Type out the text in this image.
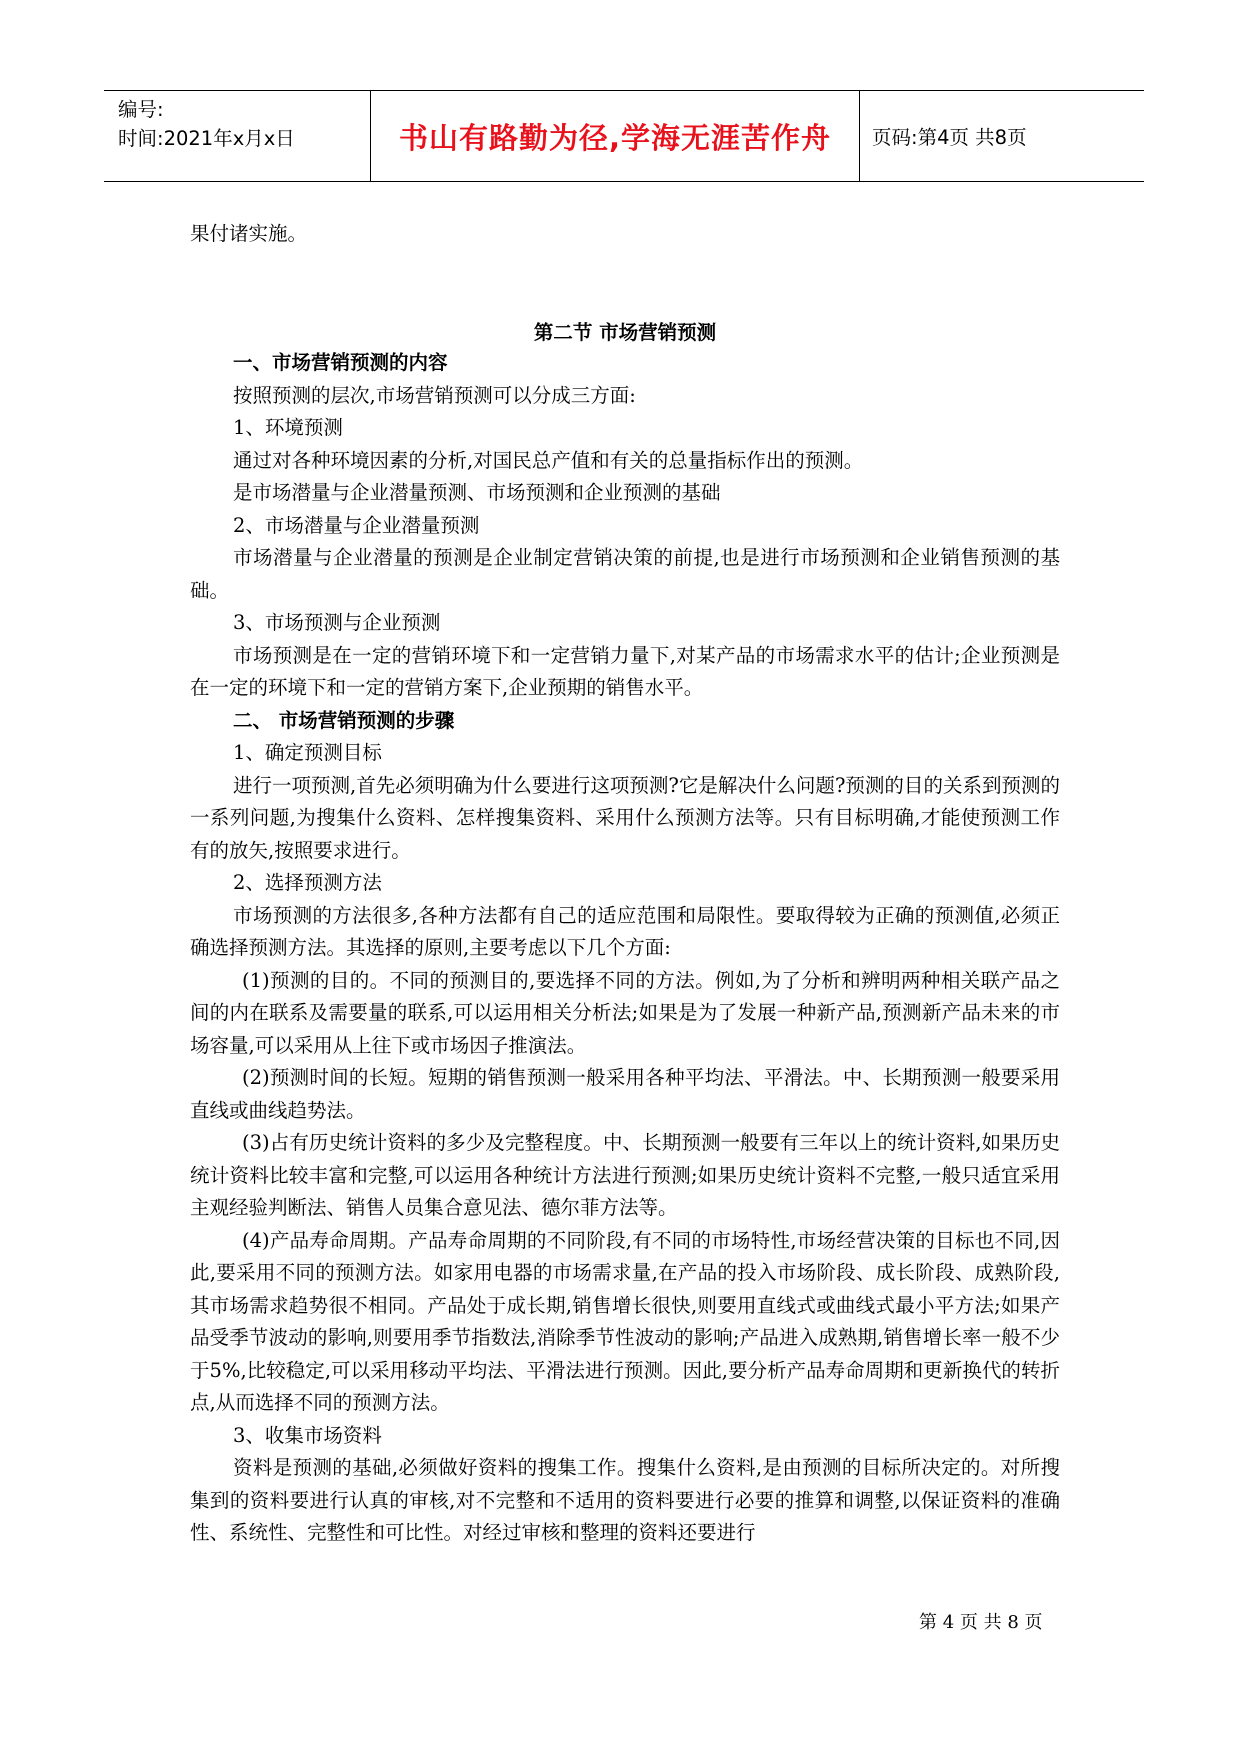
编号:
时间:2021年x月x日	书山有路勤为径,学海无涯苦作舟	页码:第4页 共8页

果付诸实施。

第二节 市场营销预测

一、市场营销预测的内容

按照预测的层次,市场营销预测可以分成三方面:

1、环境预测

通过对各种环境因素的分析,对国民总产值和有关的总量指标作出的预测。

是市场潜量与企业潜量预测、市场预测和企业预测的基础

2、市场潜量与企业潜量预测

市场潜量与企业潜量的预测是企业制定营销决策的前提,也是进行市场预测和企业销售预测的基础。

3、市场预测与企业预测

市场预测是在一定的营销环境下和一定营销力量下,对某产品的市场需求水平的估计;企业预测是在一定的环境下和一定的营销方案下,企业预期的销售水平。

二、 市场营销预测的步骤

1、确定预测目标

进行一项预测,首先必须明确为什么要进行这项预测?它是解决什么问题?预测的目的关系到预测的一系列问题,为搜集什么资料、怎样搜集资料、采用什么预测方法等。只有目标明确,才能使预测工作有的放矢,按照要求进行。

2、选择预测方法

市场预测的方法很多,各种方法都有自己的适应范围和局限性。要取得较为正确的预测值,必须正确选择预测方法。其选择的原则,主要考虑以下几个方面:

(1)预测的目的。不同的预测目的,要选择不同的方法。例如,为了分析和辨明两种相关联产品之间的内在联系及需要量的联系,可以运用相关分析法;如果是为了发展一种新产品,预测新产品未来的市场容量,可以采用从上往下或市场因子推演法。

(2)预测时间的长短。短期的销售预测一般采用各种平均法、平滑法。中、长期预测一般要采用直线或曲线趋势法。

(3)占有历史统计资料的多少及完整程度。中、长期预测一般要有三年以上的统计资料,如果历史统计资料比较丰富和完整,可以运用各种统计方法进行预测;如果历史统计资料不完整,一般只适宜采用主观经验判断法、销售人员集合意见法、德尔菲方法等。

(4)产品寿命周期。产品寿命周期的不同阶段,有不同的市场特性,市场经营决策的目标也不同,因此,要采用不同的预测方法。如家用电器的市场需求量,在产品的投入市场阶段、成长阶段、成熟阶段,其市场需求趋势很不相同。产品处于成长期,销售增长很快,则要用直线式或曲线式最小平方法;如果产品受季节波动的影响,则要用季节指数法,消除季节性波动的影响;产品进入成熟期,销售增长率一般不少于5%,比较稳定,可以采用移动平均法、平滑法进行预测。因此,要分析产品寿命周期和更新换代的转折点,从而选择不同的预测方法。

3、收集市场资料

资料是预测的基础,必须做好资料的搜集工作。搜集什么资料,是由预测的目标所决定的。对所搜集到的资料要进行认真的审核,对不完整和不适用的资料要进行必要的推算和调整,以保证资料的准确性、系统性、完整性和可比性。对经过审核和整理的资料还要进行

第 4 页 共 8 页
